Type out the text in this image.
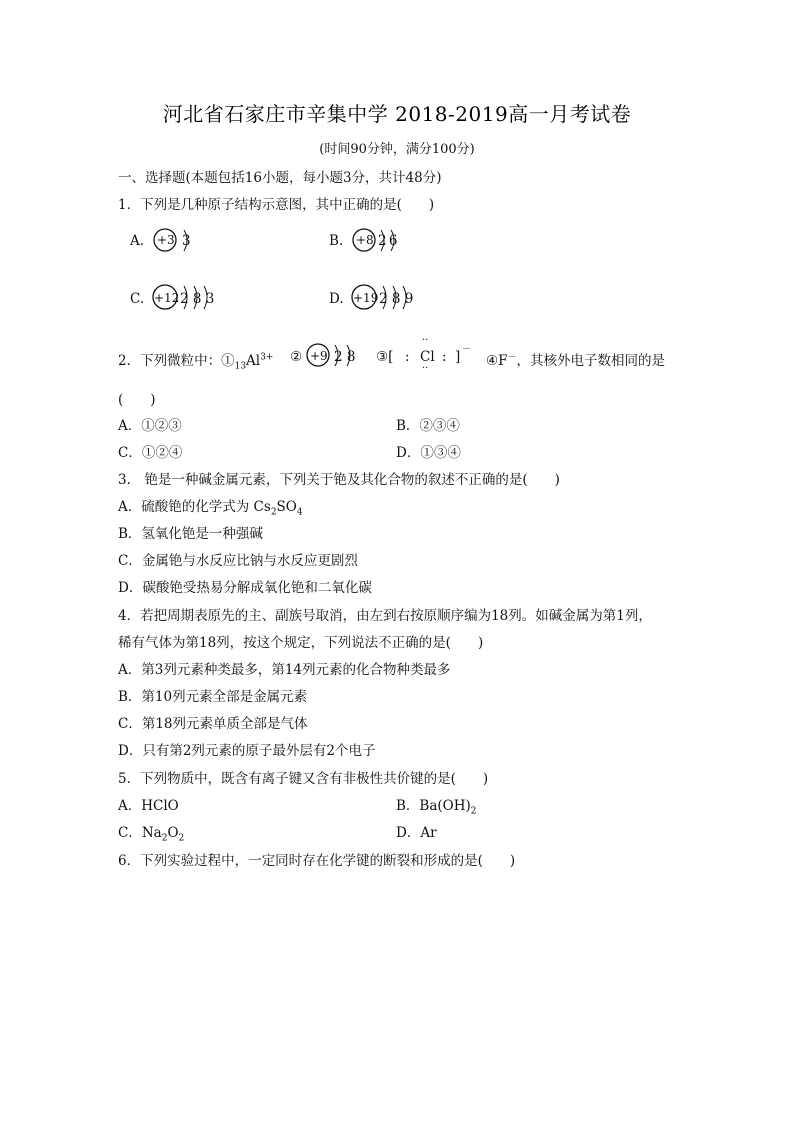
河北省石家庄市辛集中学 2018-2019高一月考试卷
(时间90分钟，满分100分)
一、选择题(本题包括16小题，每小题3分，共计48分)
1．下列是几种原子结构示意图，其中正确的是(　　)
A. +3 3	B. +8 2 6
C. +12 2 8 3	D. +19 2 8 9
2．下列微粒中：$①_{13}Al^{3+}$ ② +9 2 8 ③[ :
··
Cl
··
: ] －
④F－，其核外电子数相同的是
(　　)
A．①②③	B．②③④
C．①②④	D．①③④
3.　铯是一种碱金属元素，下列关于铯及其化合物的叙述不正确的是(　　)
A．硫酸铯的化学式为 $Cs_2SO_4$
B．氢氧化铯是一种强碱
C．金属铯与水反应比钠与水反应更剧烈
D．碳酸铯受热易分解成氧化铯和二氧化碳
4．若把周期表原先的主、副族号取消，由左到右按原顺序编为18列。如碱金属为第1列，
稀有气体为第18列，按这个规定，下列说法不正确的是(　　)
A．第3列元素种类最多，第14列元素的化合物种类最多
B．第10列元素全部是金属元素
C．第18列元素单质全部是气体
D．只有第2列元素的原子最外层有2个电子
5．下列物质中，既含有离子键又含有非极性共价键的是(　　)
A．HClO	B．$Ba(OH)_2$
C．$Na_2O_2$	D．Ar
6．下列实验过程中，一定同时存在化学键的断裂和形成的是(　　)
